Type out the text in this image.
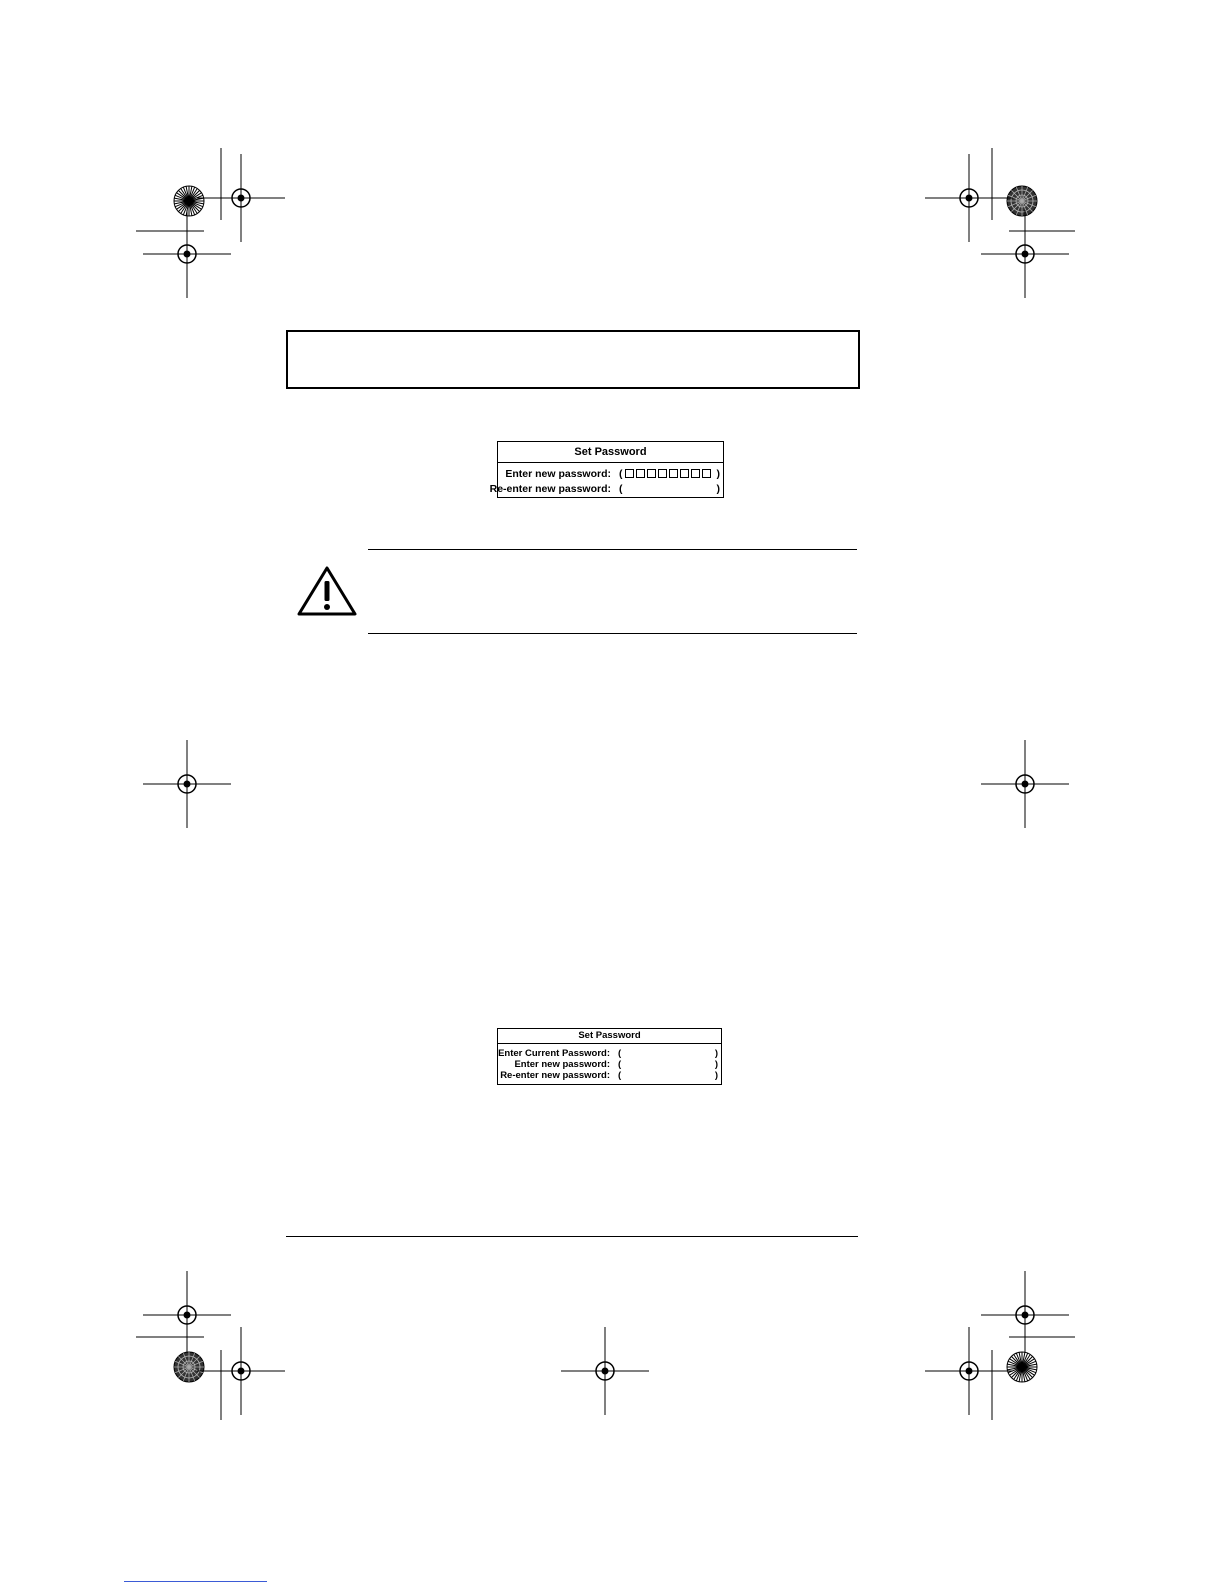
Set Password
Enter new password: (	)
Re-enter new password: (	)
Set Password
Enter Current Password: (	)
Enter new password: (	)
Re-enter new password: (	)
